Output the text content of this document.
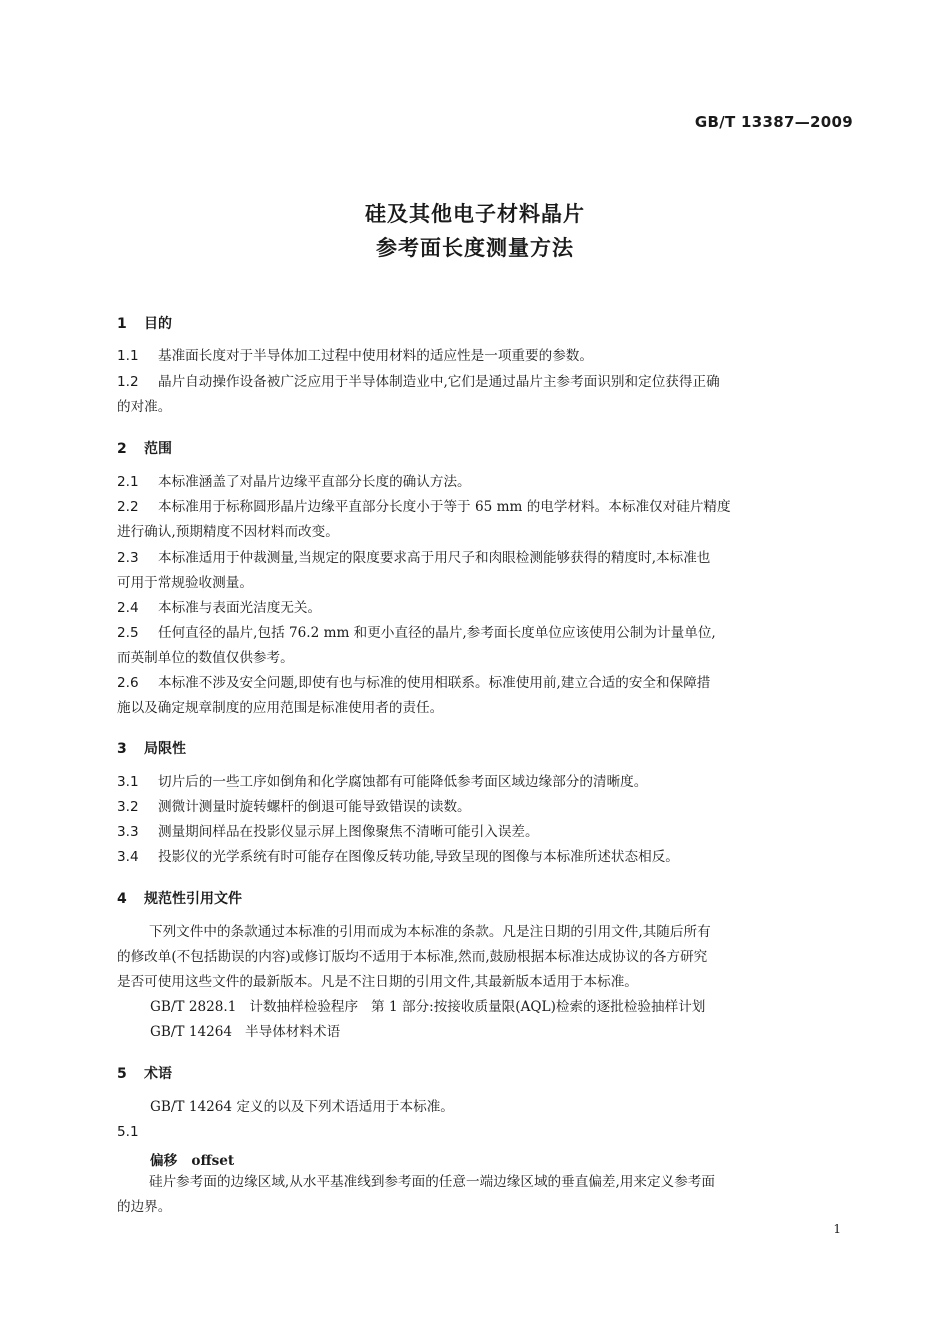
GB/T 13387—2009
硅及其他电子材料晶片
参考面长度测量方法
1 目的
1.1 基准面长度对于半导体加工过程中使用材料的适应性是一项重要的参数。
1.2 晶片自动操作设备被广泛应用于半导体制造业中,它们是通过晶片主参考面识别和定位获得正确
的对准。
2 范围
2.1 本标准涵盖了对晶片边缘平直部分长度的确认方法。
2.2 本标准用于标称圆形晶片边缘平直部分长度小于等于 65 mm 的电学材料。本标准仅对硅片精度
进行确认,预期精度不因材料而改变。
2.3 本标准适用于仲裁测量,当规定的限度要求高于用尺子和肉眼检测能够获得的精度时,本标准也
可用于常规验收测量。
2.4 本标准与表面光洁度无关。
2.5 任何直径的晶片,包括 76.2 mm 和更小直径的晶片,参考面长度单位应该使用公制为计量单位,
而英制单位的数值仅供参考。
2.6 本标准不涉及安全问题,即使有也与标准的使用相联系。标准使用前,建立合适的安全和保障措
施以及确定规章制度的应用范围是标准使用者的责任。
3 局限性
3.1 切片后的一些工序如倒角和化学腐蚀都有可能降低参考面区域边缘部分的清晰度。
3.2 测微计测量时旋转螺杆的倒退可能导致错误的读数。
3.3 测量期间样品在投影仪显示屏上图像聚焦不清晰可能引入误差。
3.4 投影仪的光学系统有时可能存在图像反转功能,导致呈现的图像与本标准所述状态相反。
4 规范性引用文件
下列文件中的条款通过本标准的引用而成为本标准的条款。凡是注日期的引用文件,其随后所有
的修改单(不包括勘误的内容)或修订版均不适用于本标准,然而,鼓励根据本标准达成协议的各方研究
是否可使用这些文件的最新版本。凡是不注日期的引用文件,其最新版本适用于本标准。
GB/T 2828.1   计数抽样检验程序   第 1 部分:按接收质量限(AQL)检索的逐批检验抽样计划
GB/T 14264   半导体材料术语
5 术语
GB/T 14264 定义的以及下列术语适用于本标准。
5.1
偏移   offset
硅片参考面的边缘区域,从水平基准线到参考面的任意一端边缘区域的垂直偏差,用来定义参考面
的边界。
1
